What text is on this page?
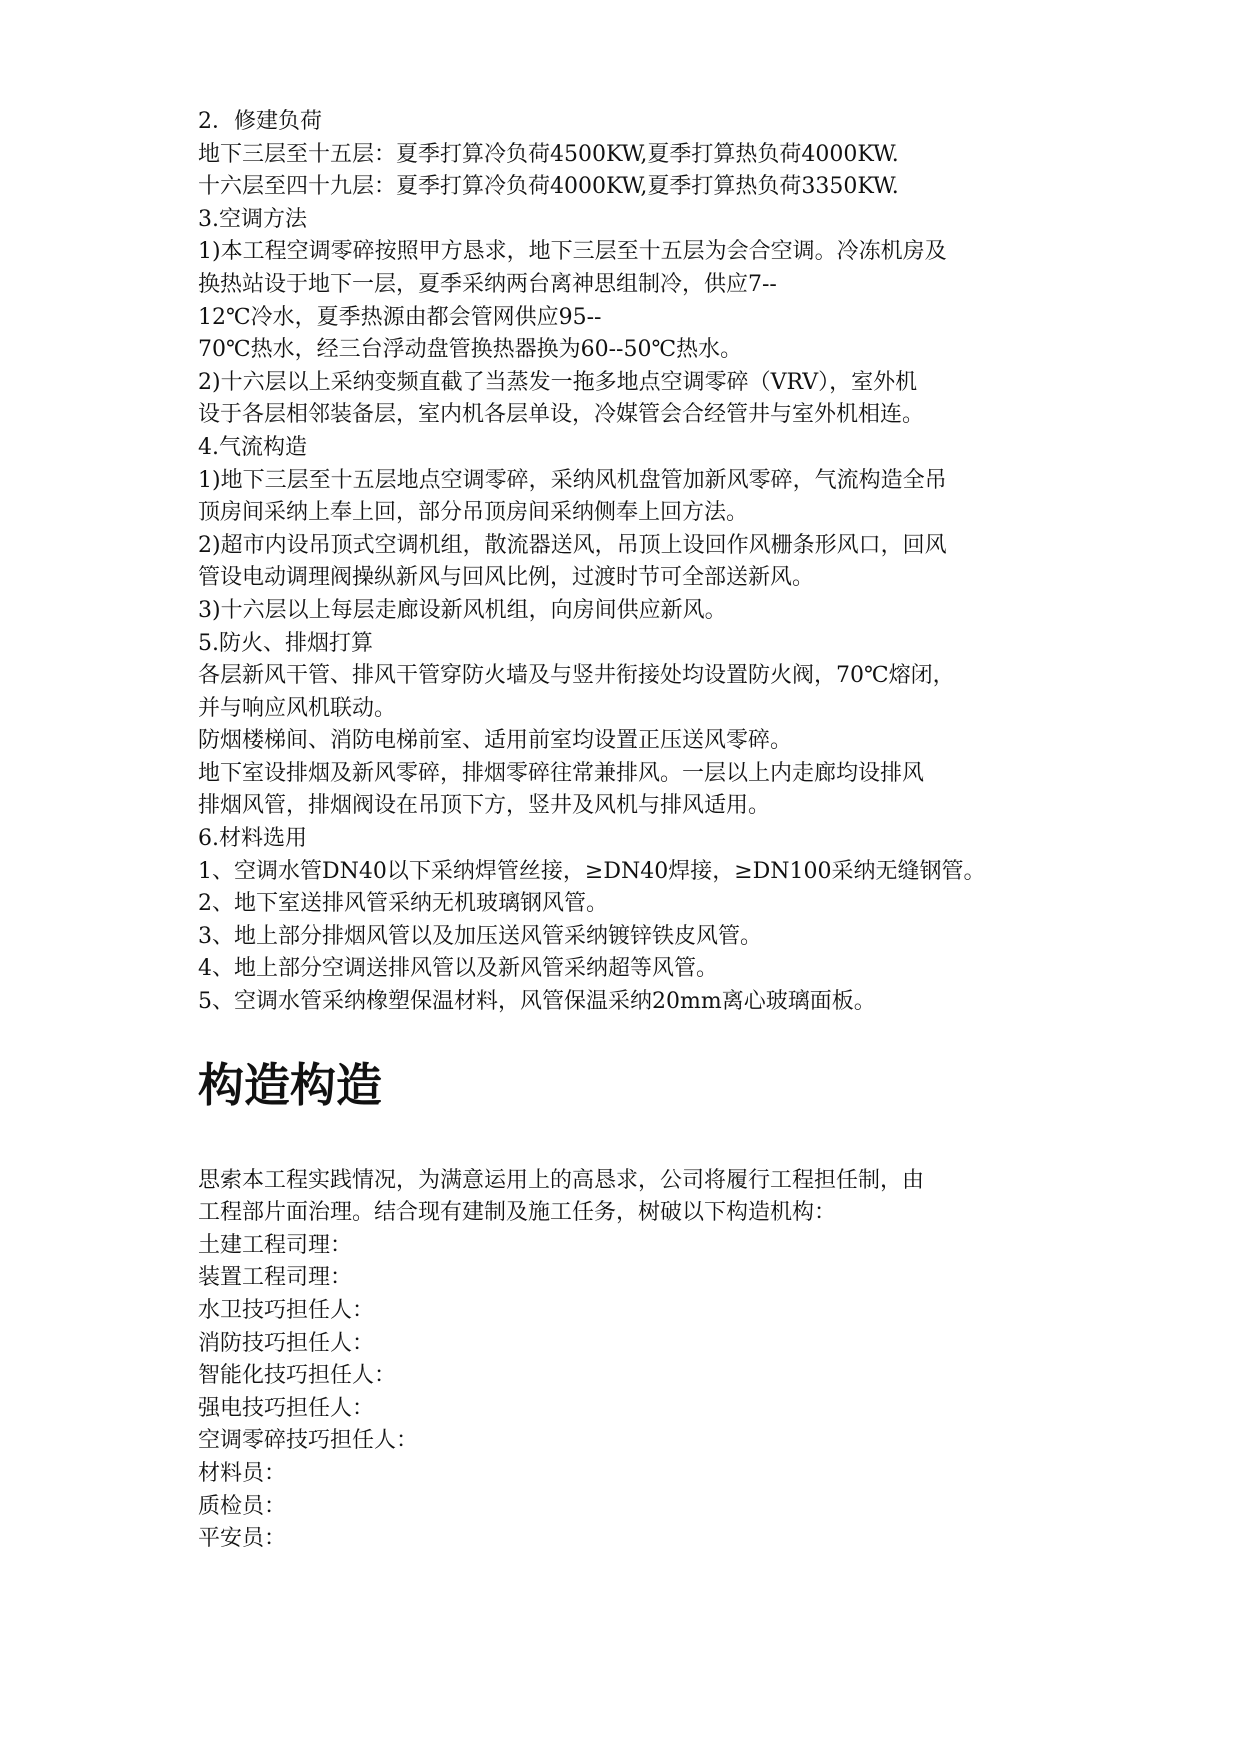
2．修建负荷
地下三层至十五层：夏季打算冷负荷4500KW,夏季打算热负荷4000KW.
十六层至四十九层：夏季打算冷负荷4000KW,夏季打算热负荷3350KW.
3.空调方法
1)本工程空调零碎按照甲方恳求，地下三层至十五层为会合空调。冷冻机房及
换热站设于地下一层，夏季采纳两台离神思组制冷，供应7--
12℃冷水，夏季热源由都会管网供应95--
70℃热水，经三台浮动盘管换热器换为60--50℃热水。
2)十六层以上采纳变频直截了当蒸发一拖多地点空调零碎（VRV），室外机
设于各层相邻装备层，室内机各层单设，冷媒管会合经管井与室外机相连。
4.气流构造
1)地下三层至十五层地点空调零碎，采纳风机盘管加新风零碎，气流构造全吊
顶房间采纳上奉上回，部分吊顶房间采纳侧奉上回方法。
2)超市内设吊顶式空调机组，散流器送风，吊顶上设回作风栅条形风口，回风
管设电动调理阀操纵新风与回风比例，过渡时节可全部送新风。
3)十六层以上每层走廊设新风机组，向房间供应新风。
5.防火、排烟打算
各层新风干管、排风干管穿防火墙及与竖井衔接处均设置防火阀，70℃熔闭，
并与响应风机联动。
防烟楼梯间、消防电梯前室、适用前室均设置正压送风零碎。
地下室设排烟及新风零碎，排烟零碎往常兼排风。一层以上内走廊均设排风
排烟风管，排烟阀设在吊顶下方，竖井及风机与排风适用。
6.材料选用
1、空调水管DN40以下采纳焊管丝接，≥DN40焊接，≥DN100采纳无缝钢管。
2、地下室送排风管采纳无机玻璃钢风管。
3、地上部分排烟风管以及加压送风管采纳镀锌铁皮风管。
4、地上部分空调送排风管以及新风管采纳超等风管。
5、空调水管采纳橡塑保温材料，风管保温采纳20mm离心玻璃面板。
构造构造
思索本工程实践情况，为满意运用上的高恳求，公司将履行工程担任制，由
工程部片面治理。结合现有建制及施工任务，树破以下构造机构：
土建工程司理：
装置工程司理：
水卫技巧担任人：
消防技巧担任人：
智能化技巧担任人：
强电技巧担任人：
空调零碎技巧担任人：
材料员：
质检员：
平安员：
